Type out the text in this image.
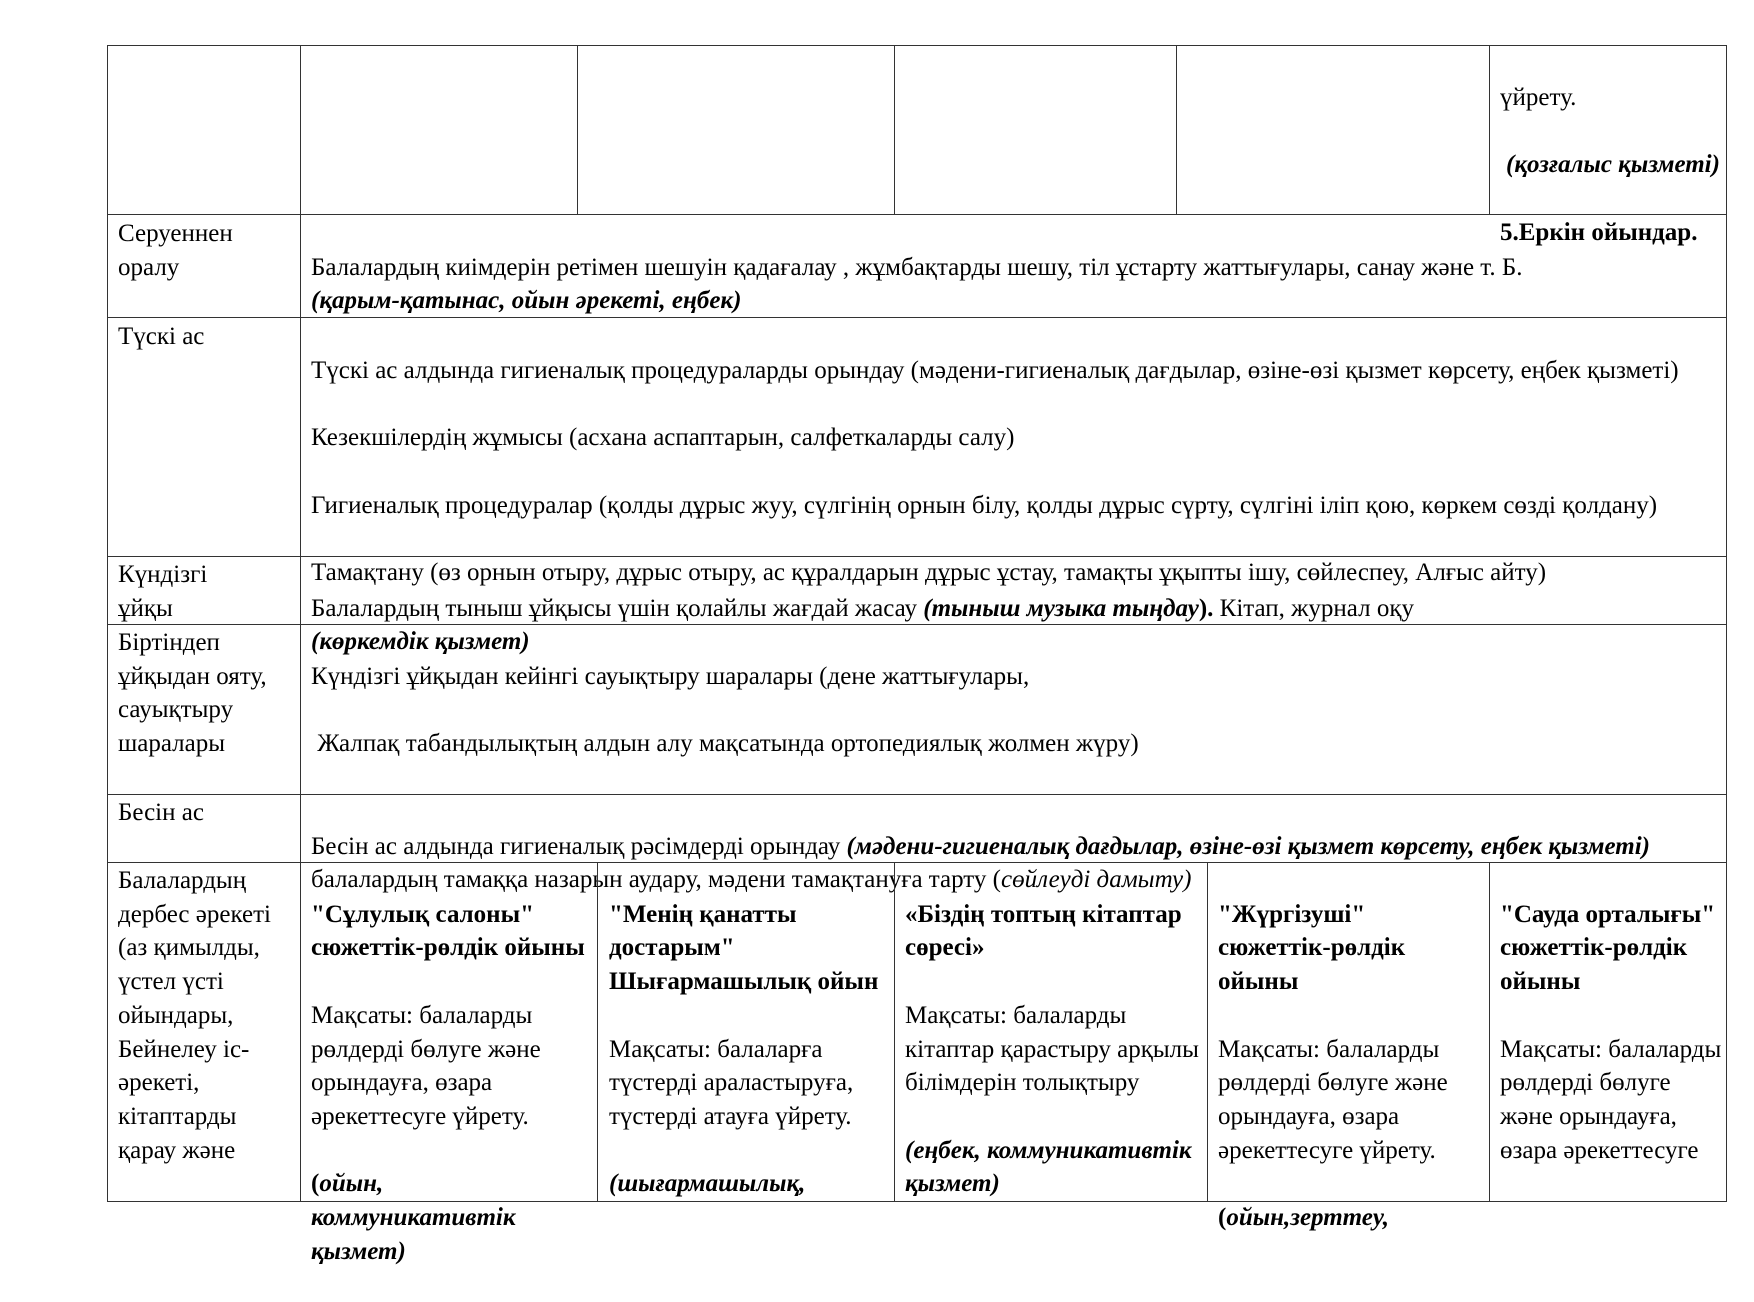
үйрету.

(қозғалыс қызметі)

5.Еркін ойындар.

Серуеннен оралу	Балалардың киімдерін ретімен шешуін қадағалау , жұмбақтарды шешу, тіл ұстарту жаттығулары, санау және т. Б.

(қарым-қатынас, ойын әрекеті, еңбек)

Түскі ас

Түскі ас алдында гигиеналық процедураларды орындау (мәдени-гигиеналық дағдылар, өзіне-өзі қызмет көрсету, еңбек қызметі)

Кезекшілердің жұмысы (асхана аспаптарын, салфеткаларды салу)

Гигиеналық процедуралар (қолды дұрыс жуу, сүлгінің орнын білу, қолды дұрыс сүрту, сүлгіні іліп қою, көркем сөзді қолдану)

Тамақтану (өз орнын отыру, дұрыс отыру, ас құралдарын дұрыс ұстау, тамақты ұқыпты ішу, сөйлеспеу, Алғыс айту)

Күндізгі ұйқы	Балалардың тыныш ұйқысы үшін қолайлы жағдай жасау (тыныш музыка тыңдау). Кітап, журнал оқу

(көркемдік қызмет)

Біртіндеп ұйқыдан ояту, сауықтыру шаралары

Күндізгі ұйқыдан кейінгі сауықтыру шаралары (дене жаттығулары,

Жалпақ табандылықтың алдын алу мақсатында ортопедиялық жолмен жүру)

Бесін ас

Бесін ас алдында гигиеналық рәсімдерді орындау (мәдени-гигиеналық дағдылар, өзіне-өзі қызмет көрсету, еңбек қызметі) балалардың тамаққа назарын аудару, мәдени тамақтануға тарту (сөйлеуді дамыту)

Балалардың дербес әрекеті (аз қимылды, үстел үсті ойындары, Бейнелеу іс-әрекеті, кітаптарды қарау және

"Сұлулық салоны" сюжеттік-рөлдік ойыны

Мақсаты: балаларды рөлдерді бөлуге және орындауға, өзара әрекеттесуге үйрету.

(ойын, коммуникативтік қызмет)

"Менің қанатты достарым" Шығармашылық ойын

Мақсаты: балаларға түстерді араластыруға, түстерді атауға үйрету.

(шығармашылық,

«Біздің топтың кітаптар сөресі»

Мақсаты: балаларды кітаптар қарастыру арқылы білімдерін толықтыру

(еңбек, коммуникативтік қызмет)

"Жүргізуші" сюжеттік-рөлдік ойыны

Мақсаты: балаларды рөлдерді бөлуге және орындауға, өзара әрекеттесуге үйрету.

(ойын,зерттеу,

"Сауда орталығы" сюжеттік-рөлдік ойыны

Мақсаты: балаларды рөлдерді бөлуге және орындауға, өзара әрекеттесуге
